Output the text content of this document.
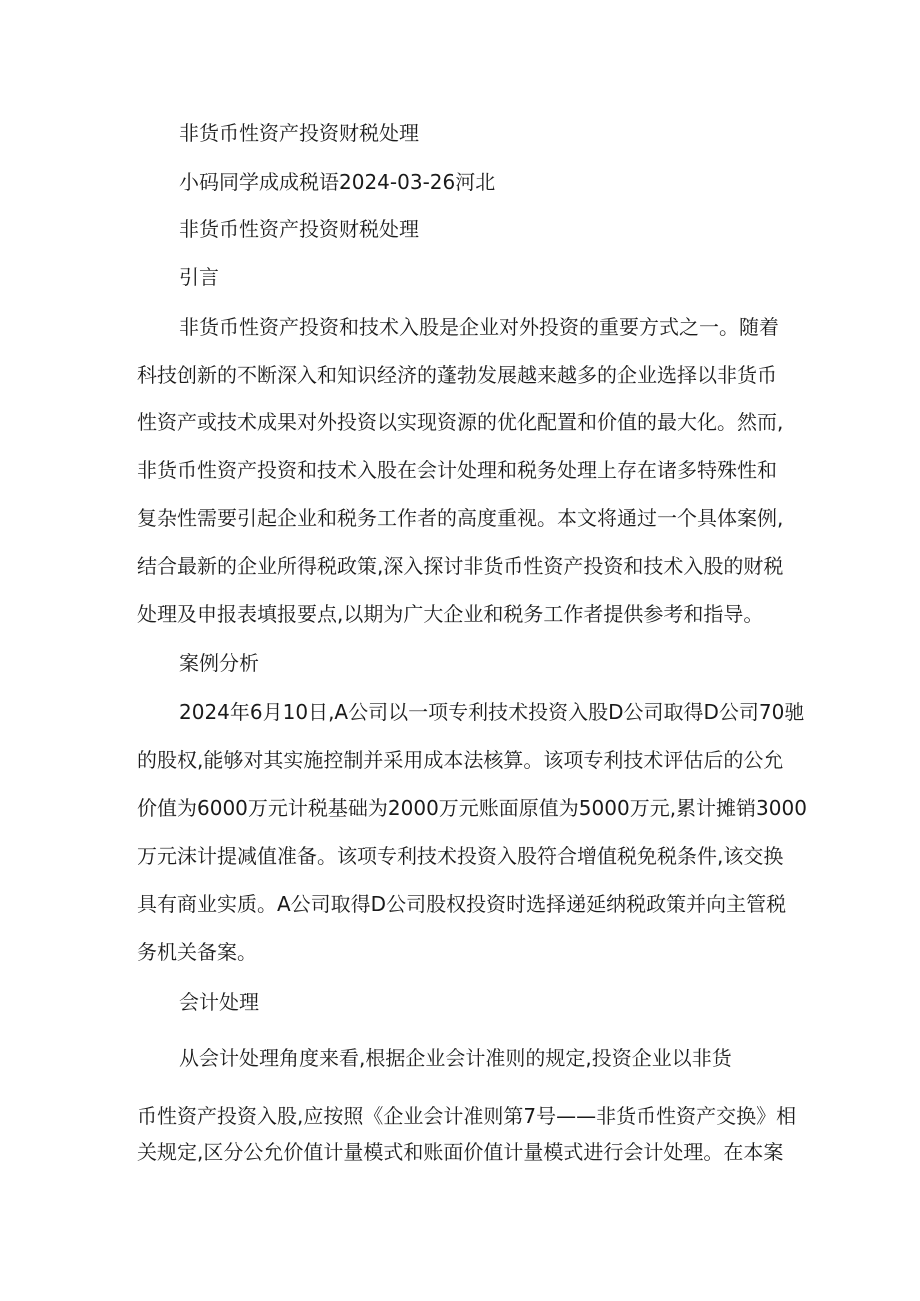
非货币性资产投资财税处理
小码同学成成税语2024-03-26河北
非货币性资产投资财税处理
引言
非货币性资产投资和技术入股是企业对外投资的重要方式之一。随着
科技创新的不断深入和知识经济的蓬勃发展越来越多的企业选择以非货币
性资产或技术成果对外投资以实现资源的优化配置和价值的最大化。然而,
非货币性资产投资和技术入股在会计处理和税务处理上存在诸多特殊性和
复杂性需要引起企业和税务工作者的高度重视。本文将通过一个具体案例,
结合最新的企业所得税政策,深入探讨非货币性资产投资和技术入股的财税
处理及申报表填报要点,以期为广大企业和税务工作者提供参考和指导。
案例分析
2024年6月10日,A公司以一项专利技术投资入股D公司取得D公司70驰
的股权,能够对其实施控制并采用成本法核算。该项专利技术评估后的公允
价值为6000万元计税基础为2000万元账面原值为5000万元,累计摊销3000
万元沫计提减值准备。该项专利技术投资入股符合增值税免税条件,该交换
具有商业实质。A公司取得D公司股权投资时选择递延纳税政策并向主管税
务机关备案。
会计处理
从会计处理角度来看,根据企业会计准则的规定,投资企业以非货
币性资产投资入股,应按照《企业会计准则第7号——非货币性资产交换》相
关规定,区分公允价值计量模式和账面价值计量模式进行会计处理。在本案
